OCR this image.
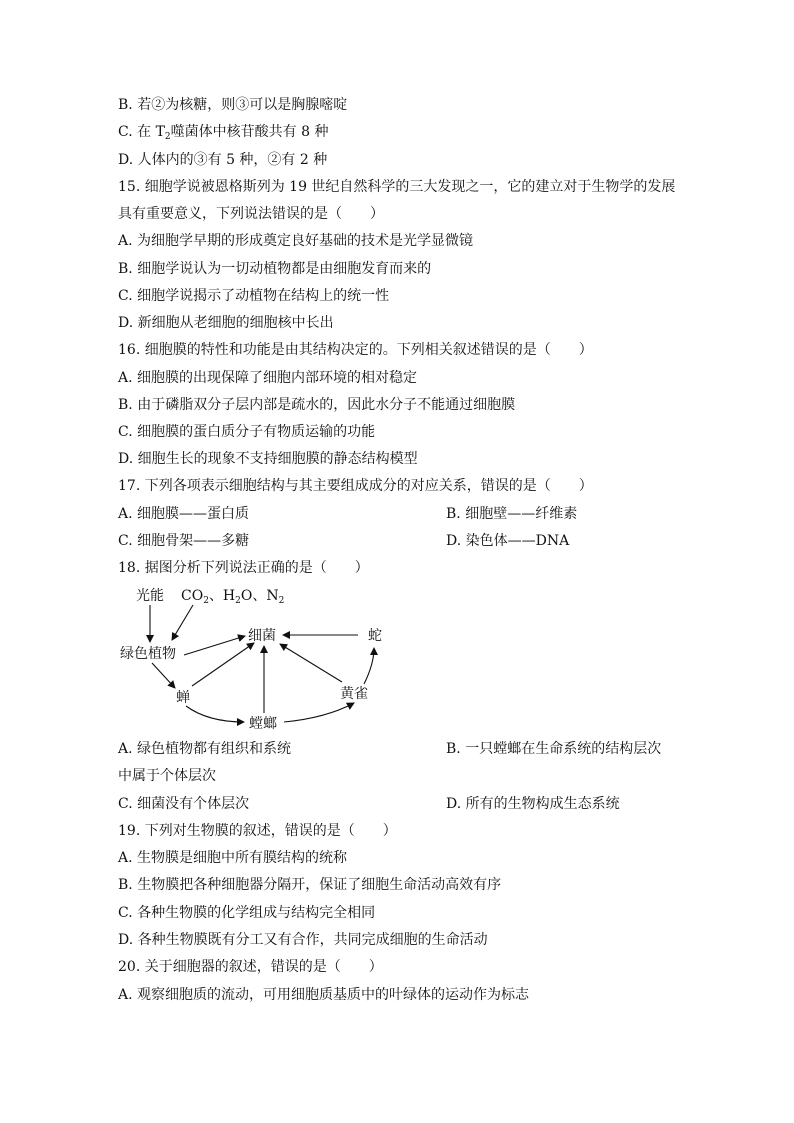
B. 若②为核糖，则③可以是胸腺嘧啶
C. 在 $T_2$噬菌体中核苷酸共有 8 种
D. 人体内的③有 5 种，②有 2 种
15. 细胞学说被恩格斯列为 19 世纪自然科学的三大发现之一，它的建立对于生物学的发展
具有重要意义，下列说法错误的是（　　）
A. 为细胞学早期的形成奠定良好基础的技术是光学显微镜
B. 细胞学说认为一切动植物都是由细胞发育而来的
C. 细胞学说揭示了动植物在结构上的统一性
D. 新细胞从老细胞的细胞核中长出
16. 细胞膜的特性和功能是由其结构决定的。下列相关叙述错误的是（　　）
A. 细胞膜的出现保障了细胞内部环境的相对稳定
B. 由于磷脂双分子层内部是疏水的，因此水分子不能通过细胞膜
C. 细胞膜的蛋白质分子有物质运输的功能
D. 细胞生长的现象不支持细胞膜的静态结构模型
17. 下列各项表示细胞结构与其主要组成成分的对应关系，错误的是（　　）
A. 细胞膜——蛋白质	B. 细胞壁——纤维素
C. 细胞骨架——多糖	D. 染色体——DNA
18. 据图分析下列说法正确的是（　　）
光能 $CO_2$、$H_2O$、$N_2$
绿色植物
细菌	蛇
蝉
螳螂
黄雀
A. 绿色植物都有组织和系统	B. 一只螳螂在生命系统的结构层次
中属于个体层次
C. 细菌没有个体层次	D. 所有的生物构成生态系统
19. 下列对生物膜的叙述，错误的是（　　）
A. 生物膜是细胞中所有膜结构的统称
B. 生物膜把各种细胞器分隔开，保证了细胞生命活动高效有序
C. 各种生物膜的化学组成与结构完全相同
D. 各种生物膜既有分工又有合作，共同完成细胞的生命活动
20. 关于细胞器的叙述，错误的是（　　）
A. 观察细胞质的流动，可用细胞质基质中的叶绿体的运动作为标志
